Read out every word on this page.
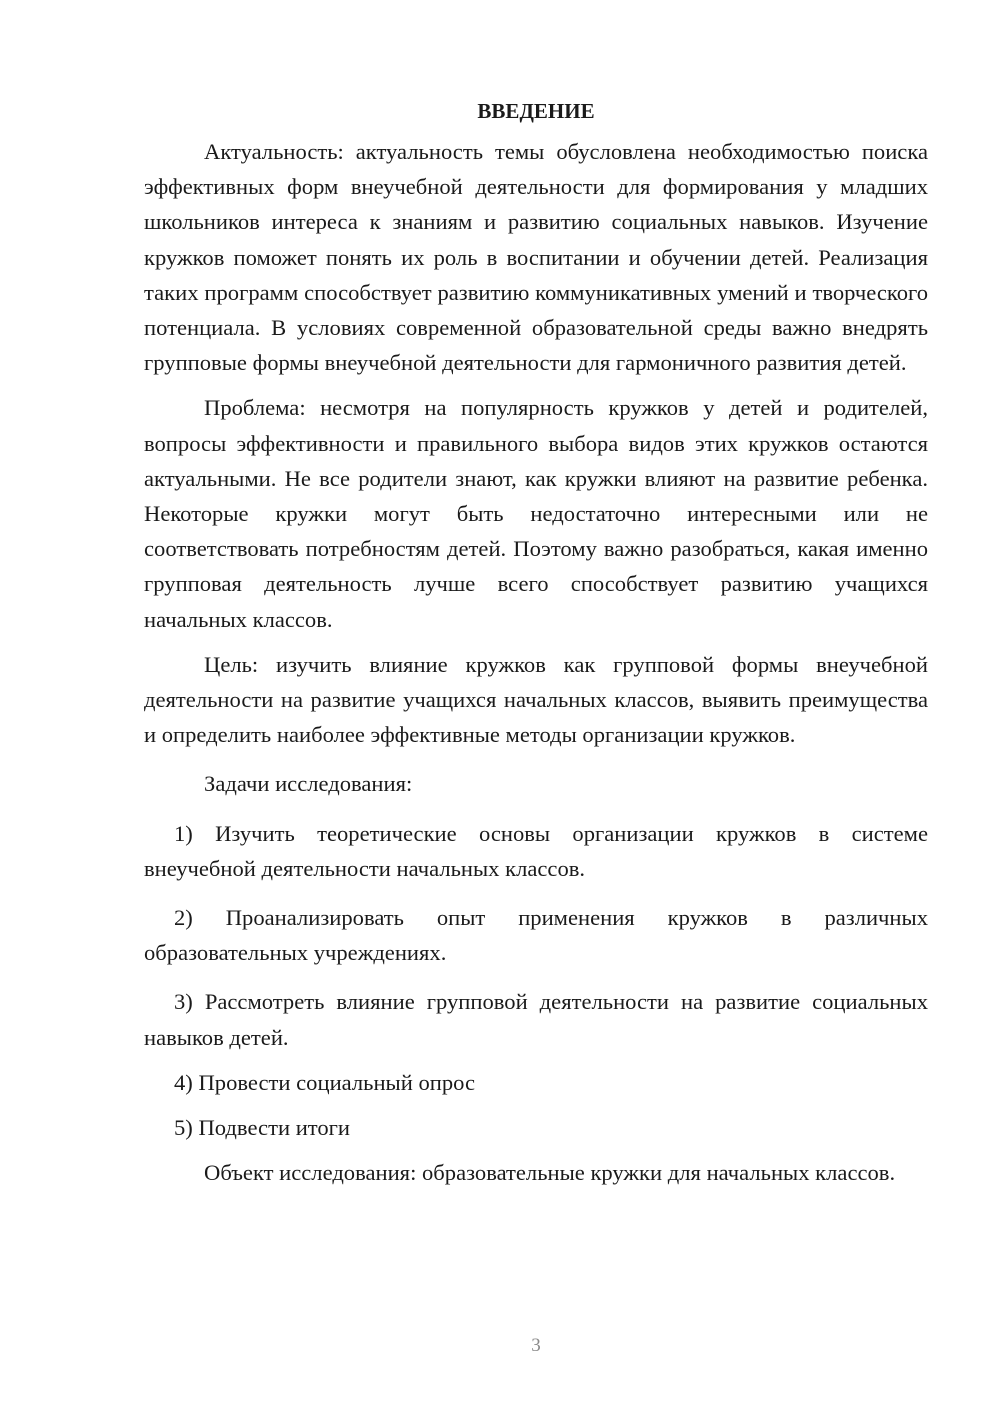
ВВЕДЕНИЕ

Актуальность: актуальность темы обусловлена необходимостью поиска эффективных форм внеучебной деятельности для формирования у младших школьников интереса к знаниям и развитию социальных навыков. Изучение кружков поможет понять их роль в воспитании и обучении детей. Реализация таких программ способствует развитию коммуникативных умений и творческого потенциала. В условиях современной образовательной среды важно внедрять групповые формы внеучебной деятельности для гармоничного развития детей.

Проблема: несмотря на популярность кружков у детей и родителей, вопросы эффективности и правильного выбора видов этих кружков остаются актуальными. Не все родители знают, как кружки влияют на развитие ребенка. Некоторые кружки могут быть недостаточно интересными или не соответствовать потребностям детей. Поэтому важно разобраться, какая именно групповая деятельность лучше всего способствует развитию учащихся начальных классов.

Цель: изучить влияние кружков как групповой формы внеучебной деятельности на развитие учащихся начальных классов, выявить преимущества и определить наиболее эффективные методы организации кружков.

Задачи исследования:

1) Изучить теоретические основы организации кружков в системе внеучебной деятельности начальных классов.

2) Проанализировать опыт применения кружков в различных образовательных учреждениях.

3) Рассмотреть влияние групповой деятельности на развитие социальных навыков детей.

4) Провести социальный опрос

5) Подвести итоги

Объект исследования: образовательные кружки для начальных классов.

3
